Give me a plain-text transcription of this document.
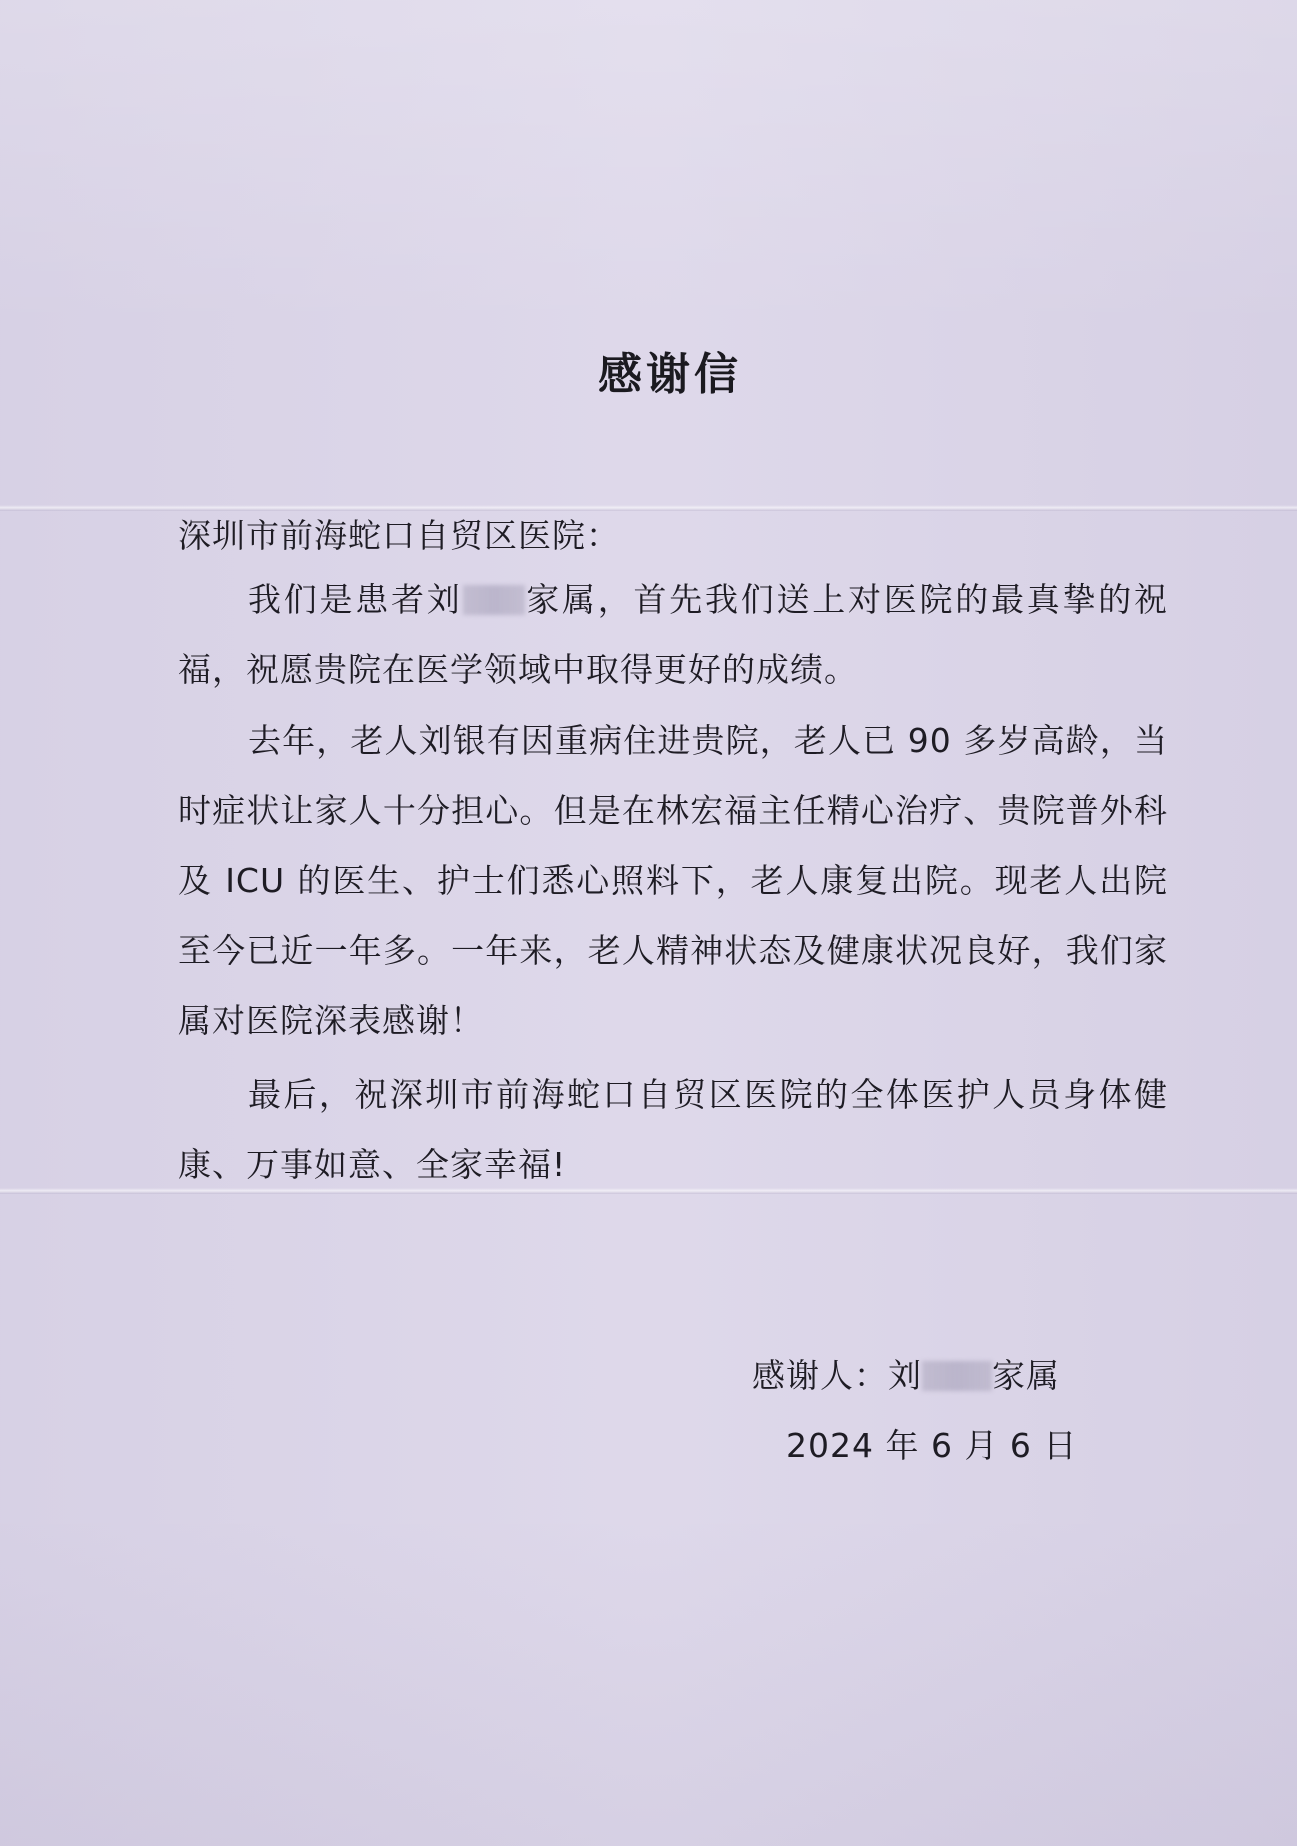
感谢信
深圳市前海蛇口自贸区医院：
我们是患者刘 家属，首先我们送上对医院的最真挚的祝福，祝愿贵院在医学领域中取得更好的成绩。
去年，老人刘银有因重病住进贵院，老人已 90 多岁高龄，当时症状让家人十分担心。但是在林宏福主任精心治疗、贵院普外科及 ICU 的医生、护士们悉心照料下，老人康复出院。现老人出院至今已近一年多。一年来，老人精神状态及健康状况良好，我们家属对医院深表感谢！
最后，祝深圳市前海蛇口自贸区医院的全体医护人员身体健康、万事如意、全家幸福!
感谢人：刘 家属
2024 年 6 月 6 日
